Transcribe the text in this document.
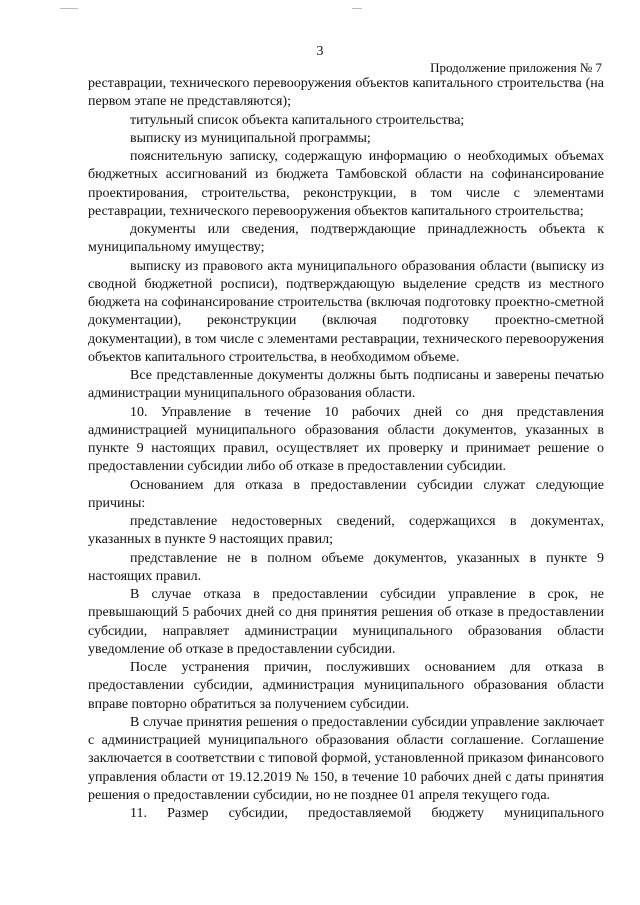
3
Продолжение приложения № 7

реставрации, технического перевооружения объектов капитального строительства (на первом этапе не представляются);

титульный список объекта капитального строительства;

выписку из муниципальной программы;

пояснительную записку, содержащую информацию о необходимых объемах бюджетных ассигнований из бюджета Тамбовской области на софинансирование проектирования, строительства, реконструкции, в том числе с элементами реставрации, технического перевооружения объектов капитального строительства;

документы или сведения, подтверждающие принадлежность объекта к муниципальному имуществу;

выписку из правового акта муниципального образования области (выписку из сводной бюджетной росписи), подтверждающую выделение средств из местного бюджета на софинансирование строительства (включая подготовку проектно-сметной документации), реконструкции (включая подготовку проектно-сметной документации), в том числе с элементами реставрации, технического перевооружения объектов капитального строительства, в необходимом объеме.

Все представленные документы должны быть подписаны и заверены печатью администрации муниципального образования области.

10. Управление в течение 10 рабочих дней со дня представления администрацией муниципального образования области документов, указанных в пункте 9 настоящих правил, осуществляет их проверку и принимает решение о предоставлении субсидии либо об отказе в предоставлении субсидии.

Основанием для отказа в предоставлении субсидии служат следующие причины:

представление недостоверных сведений, содержащихся в документах, указанных в пункте 9 настоящих правил;

представление не в полном объеме документов, указанных в пункте 9 настоящих правил.

В случае отказа в предоставлении субсидии управление в срок, не превышающий 5 рабочих дней со дня принятия решения об отказе в предоставлении субсидии, направляет администрации муниципального образования области уведомление об отказе в предоставлении субсидии.

После устранения причин, послуживших основанием для отказа в предоставлении субсидии, администрация муниципального образования области вправе повторно обратиться за получением субсидии.

В случае принятия решения о предоставлении субсидии управление заключает с администрацией муниципального образования области соглашение. Соглашение заключается в соответствии с типовой формой, установленной приказом финансового управления области от 19.12.2019 № 150, в течение 10 рабочих дней с даты принятия решения о предоставлении субсидии, но не позднее 01 апреля текущего года.

11. Размер субсидии, предоставляемой бюджету муниципального
